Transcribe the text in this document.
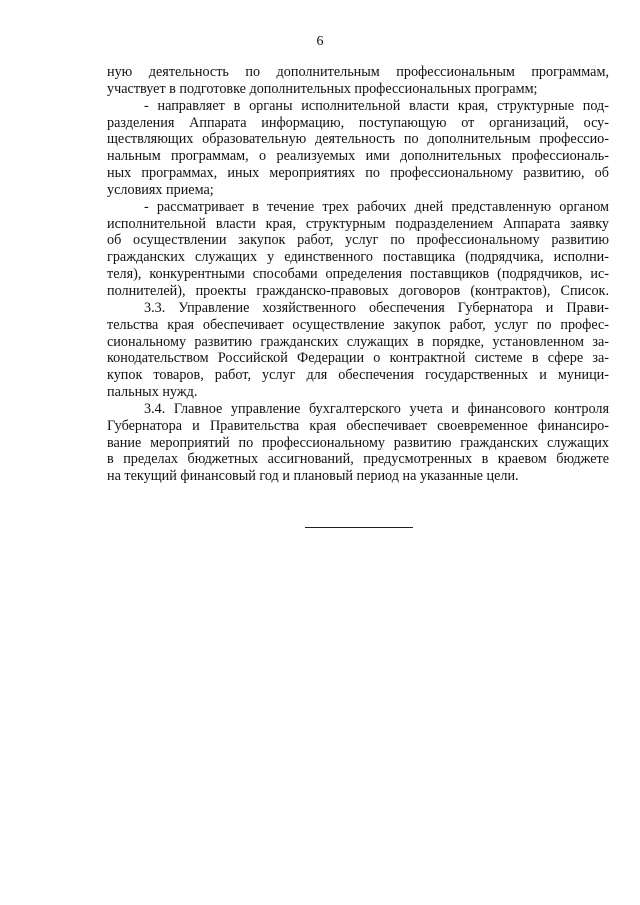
6
ную деятельность по дополнительным профессиональным программам,
участвует в подготовке дополнительных профессиональных программ;
- направляет в органы исполнительной власти края, структурные под-
разделения Аппарата информацию, поступающую от организаций, осу-
ществляющих образовательную деятельность по дополнительным профессио-
нальным программам, о реализуемых ими дополнительных профессиональ-
ных программах, иных мероприятиях по профессиональному развитию, об
условиях приема;
- рассматривает в течение трех рабочих дней представленную органом
исполнительной власти края, структурным подразделением Аппарата заявку
об осуществлении закупок работ, услуг по профессиональному развитию
гражданских служащих у единственного поставщика (подрядчика, исполни-
теля), конкурентными способами определения поставщиков (подрядчиков, ис-
полнителей), проекты гражданско-правовых договоров (контрактов), Список.
3.3. Управление хозяйственного обеспечения Губернатора и Прави-
тельства края обеспечивает осуществление закупок работ, услуг по профес-
сиональному развитию гражданских служащих в порядке, установленном за-
конодательством Российской Федерации о контрактной системе в сфере за-
купок товаров, работ, услуг для обеспечения государственных и муници-
пальных нужд.
3.4. Главное управление бухгалтерского учета и финансового контроля
Губернатора и Правительства края обеспечивает своевременное финансиро-
вание мероприятий по профессиональному развитию гражданских служащих
в пределах бюджетных ассигнований, предусмотренных в краевом бюджете
на текущий финансовый год и плановый период на указанные цели.
